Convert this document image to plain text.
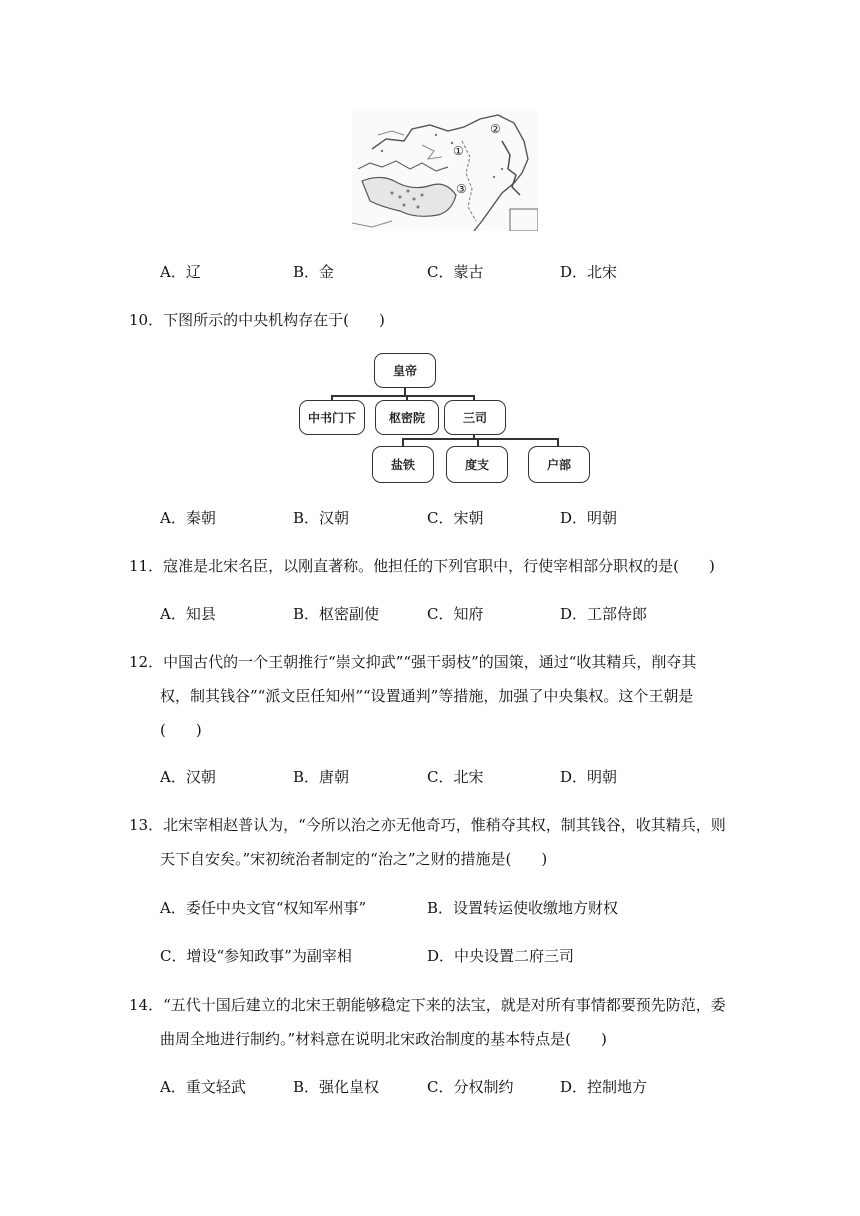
②
①
③
A．辽	B．金	C．蒙古	D．北宋
10．下图所示的中央机构存在于(　　)
皇帝
中书门下	枢密院	三司
盐铁	度支	户部
A．秦朝	B．汉朝	C．宋朝	D．明朝
11．寇准是北宋名臣，以刚直著称。他担任的下列官职中，行使宰相部分职权的是(　　)
A．知县	B．枢密副使	C．知府	D．工部侍郎
12．中国古代的一个王朝推行“崇文抑武”“强干弱枝”的国策，通过“收其精兵，削夺其
权，制其钱谷”“派文臣任知州”“设置通判”等措施，加强了中央集权。这个王朝是
(　　)
A．汉朝	B．唐朝	C．北宋	D．明朝
13．北宋宰相赵普认为，“今所以治之亦无他奇巧，惟稍夺其权，制其钱谷，收其精兵，则
天下自安矣。”宋初统治者制定的“治之”之财的措施是(　　)
A．委任中央文官“权知军州事”	B．设置转运使收缴地方财权
C．增设“参知政事”为副宰相	D．中央设置二府三司
14．“五代十国后建立的北宋王朝能够稳定下来的法宝，就是对所有事情都要预先防范，委
曲周全地进行制约。”材料意在说明北宋政治制度的基本特点是(　　)
A．重文轻武	B．强化皇权	C．分权制约	D．控制地方
